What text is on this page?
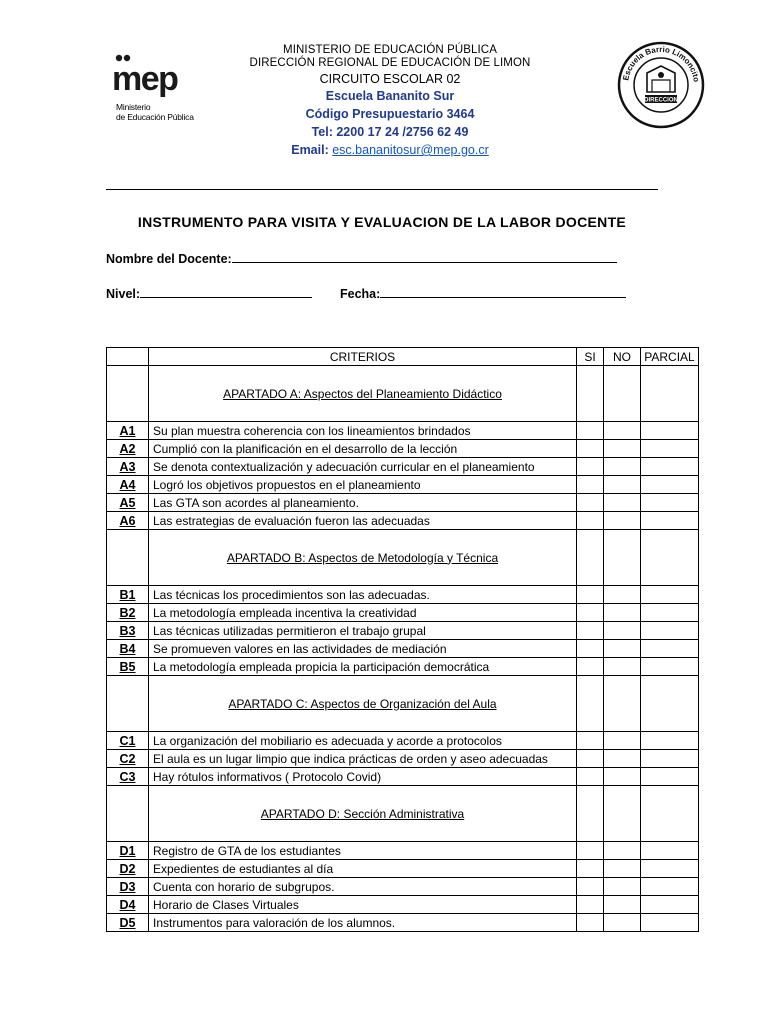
mep
Ministerio
de Educación Pública
Escuela Barrio Limoncito
DIRECCION
MINISTERIO DE EDUCACIÓN PÚBLICA
DIRECCIÓN REGIONAL DE EDUCACIÓN DE LIMON
CIRCUITO ESCOLAR 02
Escuela Bananito Sur
Código Presupuestario 3464
Tel: 2200 17 24 /2756 62 49
Email: esc.bananitosur@mep.go.cr
INSTRUMENTO PARA VISITA Y EVALUACION DE LA LABOR DOCENTE
Nombre del Docente:
Nivel:	Fecha:
	CRITERIOS	SI	NO	PARCIAL
	APARTADO A: Aspectos del Planeamiento Didáctico			
A1	Su plan muestra coherencia con los lineamientos brindados			
A2	Cumplió con la planificación en el desarrollo de la lección			
A3	Se denota contextualización y adecuación curricular en el planeamiento			
A4	Logró los objetivos propuestos en el planeamiento			
A5	Las GTA son acordes al planeamiento.			
A6	Las estrategias de evaluación fueron las adecuadas			
	APARTADO B: Aspectos de Metodología y Técnica			
B1	Las técnicas los procedimientos son las adecuadas.			
B2	La metodología empleada incentiva la creatividad			
B3	Las técnicas utilizadas permitieron el trabajo grupal			
B4	Se promueven valores en las actividades de mediación			
B5	La metodología empleada propicia la participación democrática			
	APARTADO C: Aspectos de Organización del Aula			
C1	La organización del mobiliario es adecuada y acorde a protocolos			
C2	El aula es un lugar limpio que indica prácticas de orden y aseo adecuadas			
C3	Hay rótulos informativos ( Protocolo Covid)			
	APARTADO D: Sección Administrativa			
D1	Registro de GTA de los estudiantes			
D2	Expedientes de estudiantes al día			
D3	Cuenta con horario de subgrupos.			
D4	Horario de Clases Virtuales			
D5	Instrumentos para valoración de los alumnos.			
